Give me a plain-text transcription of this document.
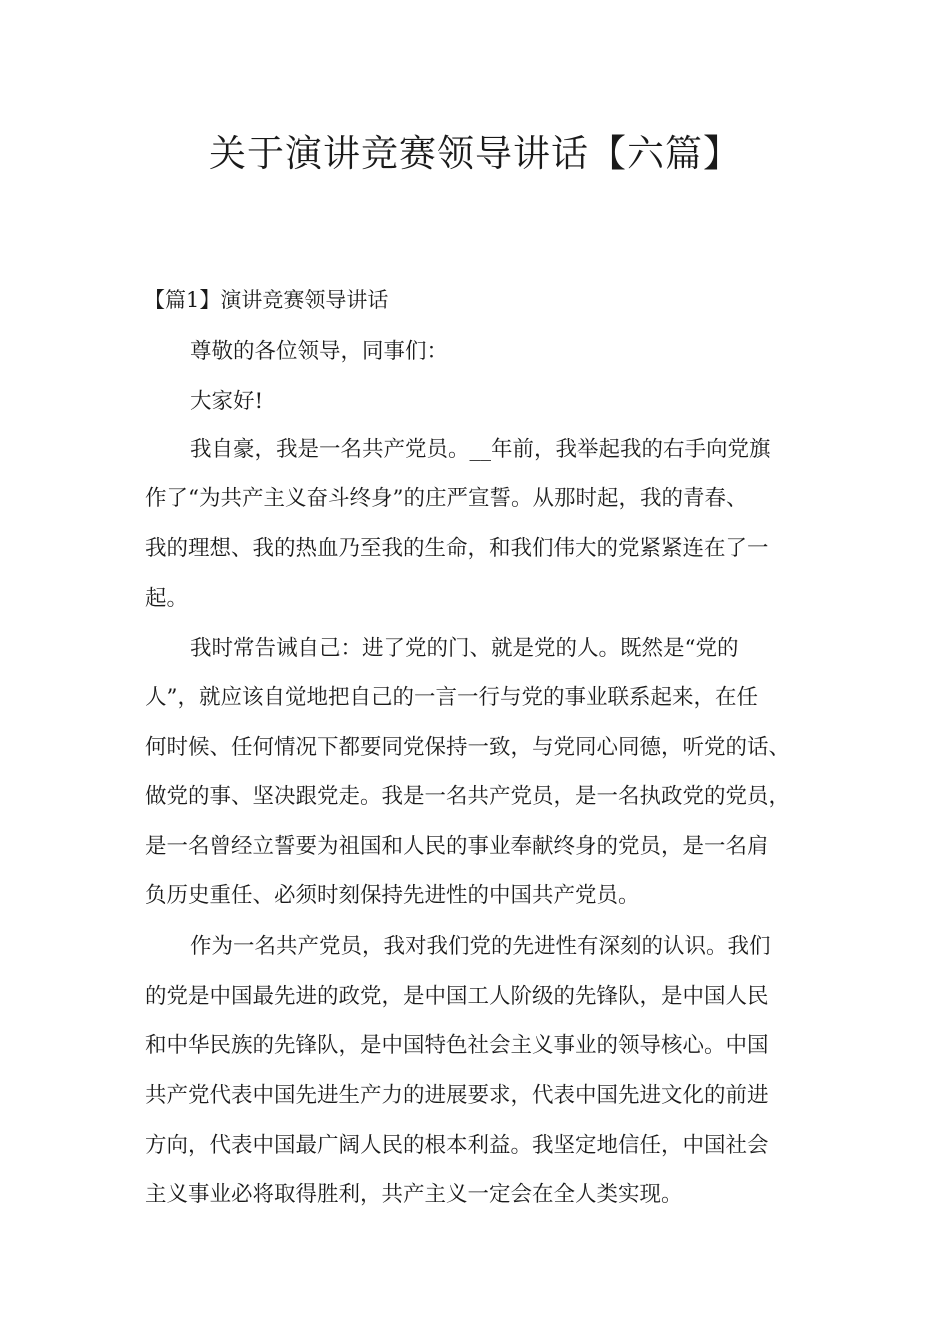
关于演讲竞赛领导讲话【六篇】

【篇1】演讲竞赛领导讲话

尊敬的各位领导，同事们：

大家好!

我自豪，我是一名共产党员。__年前，我举起我的右手向党旗

作了“为共产主义奋斗终身”的庄严宣誓。从那时起，我的青春、

我的理想、我的热血乃至我的生命，和我们伟大的党紧紧连在了一

起。

我时常告诫自己：进了党的门、就是党的人。既然是“党的

人”，就应该自觉地把自己的一言一行与党的事业联系起来，在任

何时候、任何情况下都要同党保持一致，与党同心同德，听党的话、

做党的事、坚决跟党走。我是一名共产党员，是一名执政党的党员，

是一名曾经立誓要为祖国和人民的事业奉献终身的党员，是一名肩

负历史重任、必须时刻保持先进性的中国共产党员。

作为一名共产党员，我对我们党的先进性有深刻的认识。我们

的党是中国最先进的政党，是中国工人阶级的先锋队，是中国人民

和中华民族的先锋队，是中国特色社会主义事业的领导核心。中国

共产党代表中国先进生产力的进展要求，代表中国先进文化的前进

方向，代表中国最广阔人民的根本利益。我坚定地信任，中国社会

主义事业必将取得胜利，共产主义一定会在全人类实现。
